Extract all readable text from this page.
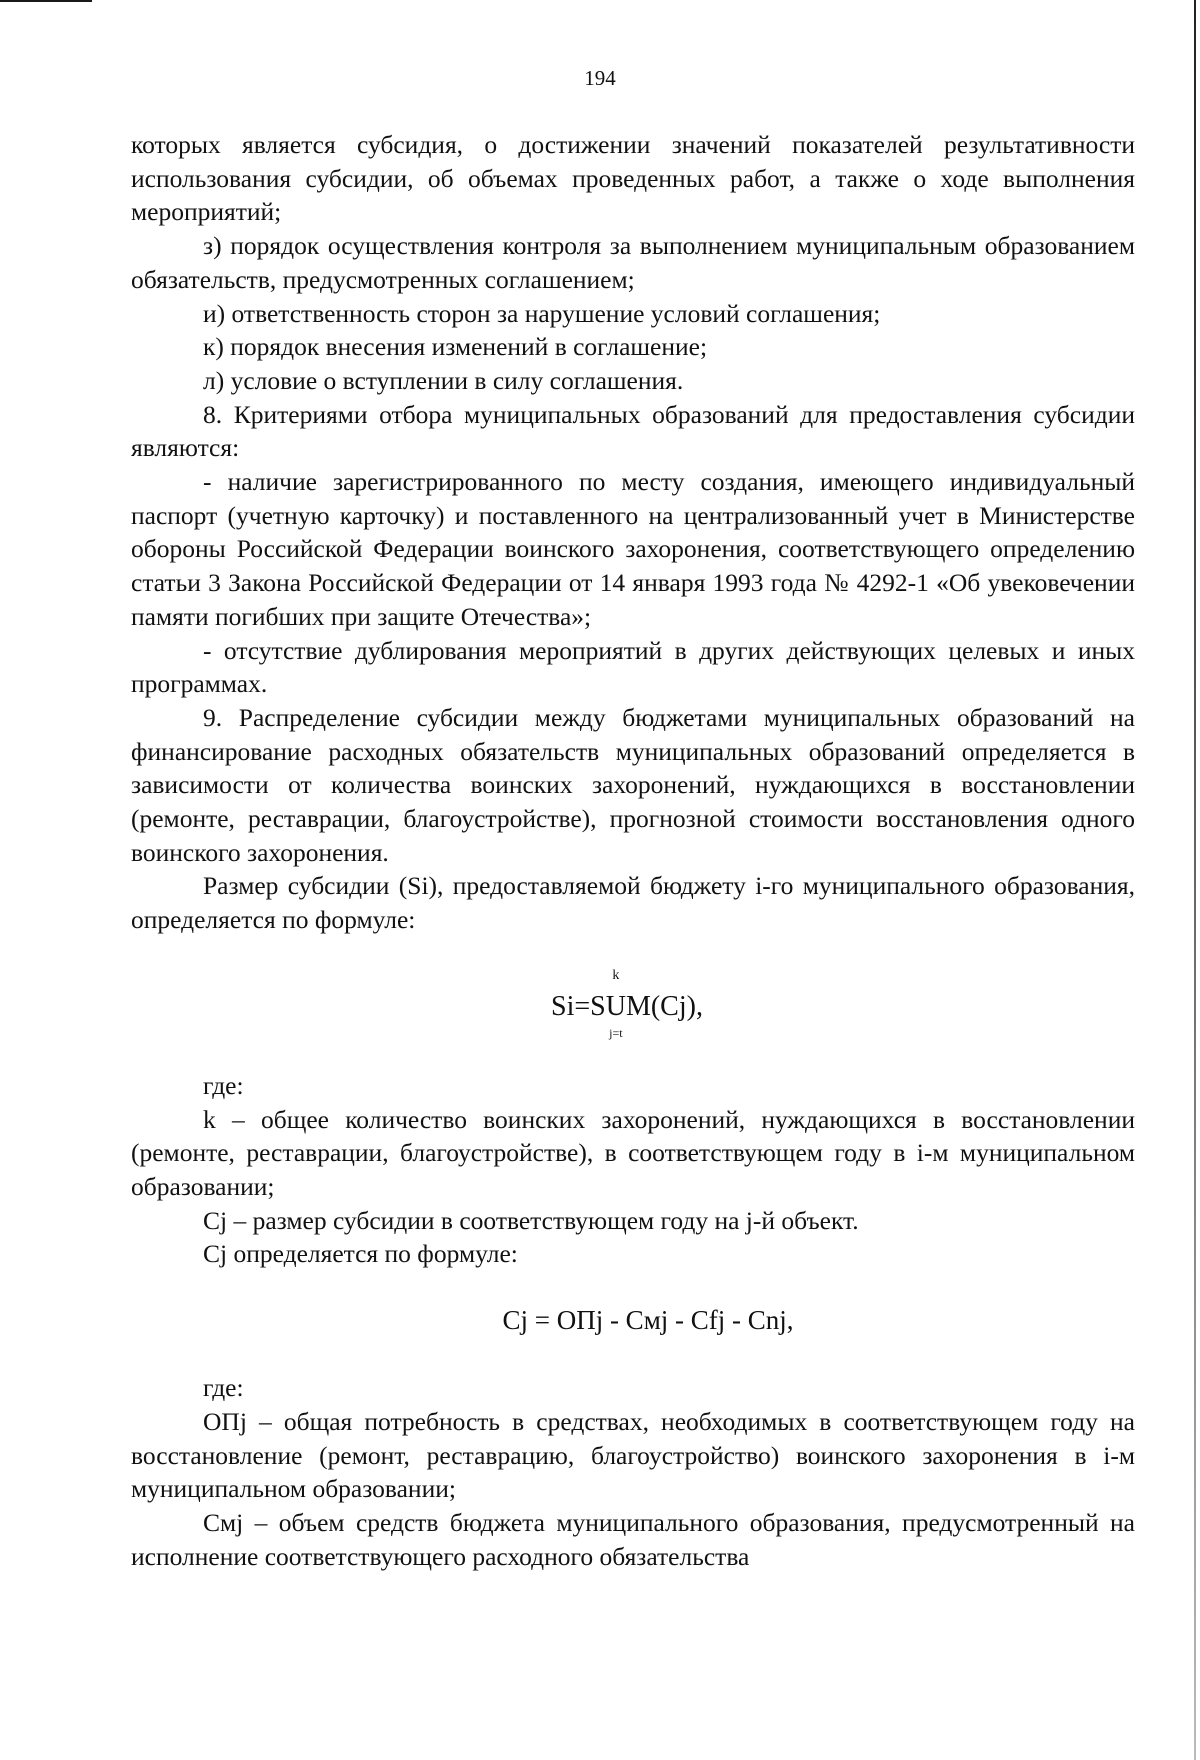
194

которых является субсидия, о достижении значений показателей результативности использования субсидии, об объемах проведенных работ, а также о ходе выполнения мероприятий;

з) порядок осуществления контроля за выполнением муниципальным образованием обязательств, предусмотренных соглашением;

и) ответственность сторон за нарушение условий соглашения;

к) порядок внесения изменений в соглашение;

л) условие о вступлении в силу соглашения.

8. Критериями отбора муниципальных образований для предоставления субсидии являются:

- наличие зарегистрированного по месту создания, имеющего индивидуальный паспорт (учетную карточку) и поставленного на централизованный учет в Министерстве обороны Российской Федерации воинского захоронения, соответствующего определению статьи 3 Закона Российской Федерации от 14 января 1993 года № 4292-1 «Об увековечении памяти погибших при защите Отечества»;

- отсутствие дублирования мероприятий в других действующих целевых и иных программах.

9. Распределение субсидии между бюджетами муниципальных образований на финансирование расходных обязательств муниципальных образований определяется в зависимости от количества воинских захоронений, нуждающихся в восстановлении (ремонте, реставрации, благоустройстве), прогнозной стоимости восстановления одного воинского захоронения.

Размер субсидии (Si), предоставляемой бюджету i-го муниципального образования, определяется по формуле:

Si=S
k
U
j=t
M(Cj),

где:

k – общее количество воинских захоронений, нуждающихся в восстановлении (ремонте, реставрации, благоустройстве), в соответствующем году в i-м муниципальном образовании;

Cj – размер субсидии в соответствующем году на j-й объект.

Cj определяется по формуле:

Cj = ОПj - Смj - Cfj - Cnj,

где:

ОПj – общая потребность в средствах, необходимых в соответствующем году на восстановление (ремонт, реставрацию, благоустройство) воинского захоронения в i-м муниципальном образовании;

Смj – объем средств бюджета муниципального образования, предусмотренный на исполнение соответствующего расходного обязательства
